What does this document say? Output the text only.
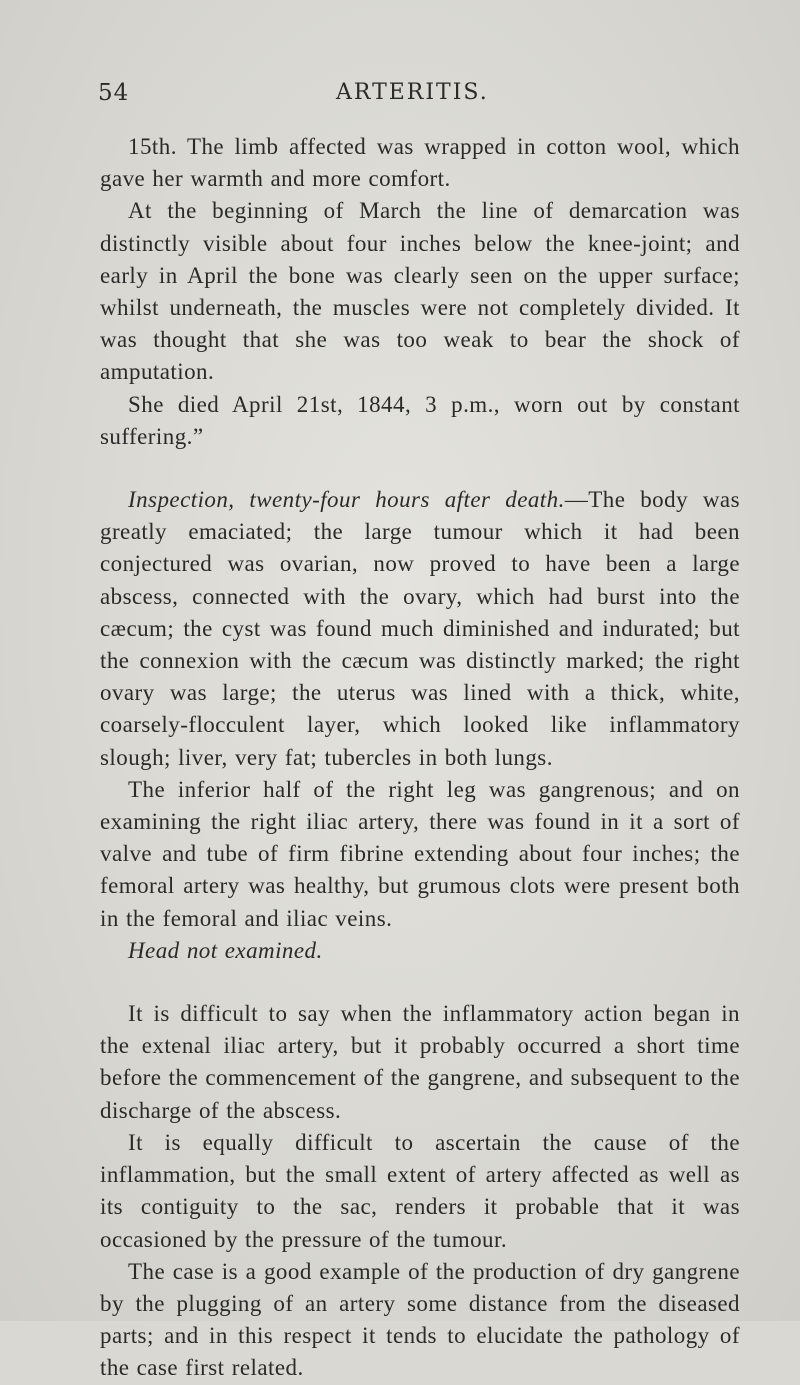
54	ARTERITIS.

15th. The limb affected was wrapped in cotton wool, which gave her warmth and more comfort.

At the beginning of March the line of demarcation was distinctly visible about four inches below the knee-joint; and early in April the bone was clearly seen on the upper surface; whilst underneath, the muscles were not completely divided. It was thought that she was too weak to bear the shock of amputation.

She died April 21st, 1844, 3 p.m., worn out by constant suffering.”

Inspection, twenty-four hours after death.—The body was greatly emaciated; the large tumour which it had been conjectured was ovarian, now proved to have been a large abscess, connected with the ovary, which had burst into the cæcum; the cyst was found much diminished and indurated; but the connexion with the cæcum was distinctly marked; the right ovary was large; the uterus was lined with a thick, white, coarsely-flocculent layer, which looked like inflammatory slough; liver, very fat; tubercles in both lungs.

The inferior half of the right leg was gangrenous; and on examining the right iliac artery, there was found in it a sort of valve and tube of firm fibrine extending about four inches; the femoral artery was healthy, but grumous clots were present both in the femoral and iliac veins.

Head not examined.

It is difficult to say when the inflammatory action began in the extenal iliac artery, but it probably occurred a short time before the commencement of the gangrene, and subsequent to the discharge of the abscess.

It is equally difficult to ascertain the cause of the inflammation, but the small extent of artery affected as well as its contiguity to the sac, renders it probable that it was occasioned by the pressure of the tumour.

The case is a good example of the production of dry gangrene by the plugging of an artery some distance from the diseased parts; and in this respect it tends to elucidate the pathology of the case first related.
